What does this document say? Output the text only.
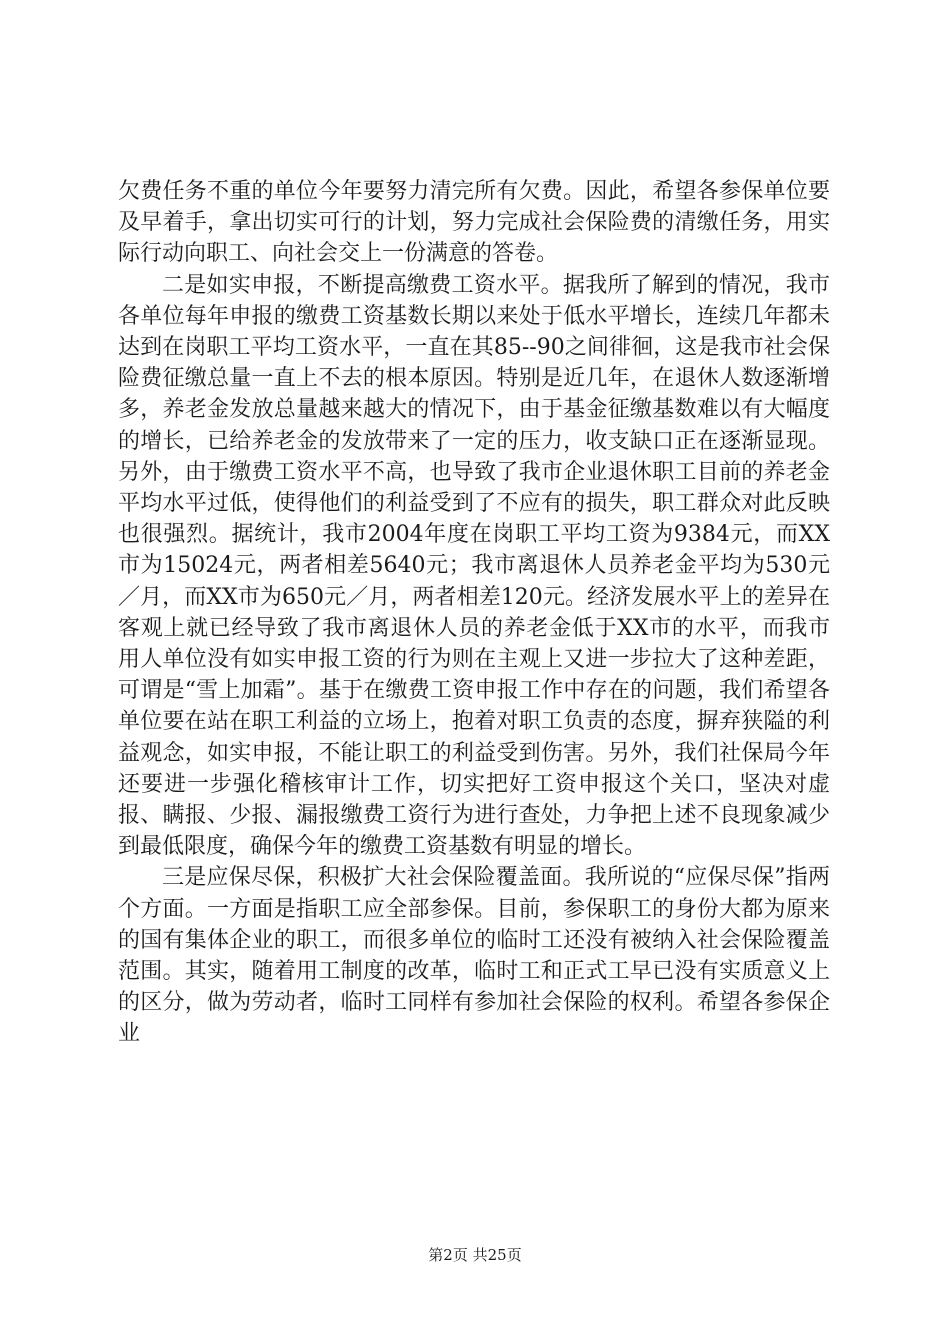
欠费任务不重的单位今年要努力清完所有欠费。因此，希望各参保单位要及早着手，拿出切实可行的计划，努力完成社会保险费的清缴任务，用实际行动向职工、向社会交上一份满意的答卷。

二是如实申报，不断提高缴费工资水平。据我所了解到的情况，我市各单位每年申报的缴费工资基数长期以来处于低水平增长，连续几年都未达到在岗职工平均工资水平，一直在其85--90之间徘徊，这是我市社会保险费征缴总量一直上不去的根本原因。特别是近几年，在退休人数逐渐增多，养老金发放总量越来越大的情况下，由于基金征缴基数难以有大幅度的增长，已给养老金的发放带来了一定的压力，收支缺口正在逐渐显现。另外，由于缴费工资水平不高，也导致了我市企业退休职工目前的养老金平均水平过低，使得他们的利益受到了不应有的损失，职工群众对此反映也很强烈。据统计，我市2004年度在岗职工平均工资为9384元，而XX市为15024元，两者相差5640元；我市离退休人员养老金平均为530元／月，而XX市为650元／月，两者相差120元。经济发展水平上的差异在客观上就已经导致了我市离退休人员的养老金低于XX市的水平，而我市用人单位没有如实申报工资的行为则在主观上又进一步拉大了这种差距，可谓是“雪上加霜”。基于在缴费工资申报工作中存在的问题，我们希望各单位要在站在职工利益的立场上，抱着对职工负责的态度，摒弃狭隘的利益观念，如实申报，不能让职工的利益受到伤害。另外，我们社保局今年还要进一步强化稽核审计工作，切实把好工资申报这个关口，坚决对虚报、瞒报、少报、漏报缴费工资行为进行查处，力争把上述不良现象减少到最低限度，确保今年的缴费工资基数有明显的增长。

三是应保尽保，积极扩大社会保险覆盖面。我所说的“应保尽保”指两个方面。一方面是指职工应全部参保。目前，参保职工的身份大都为原来的国有集体企业的职工，而很多单位的临时工还没有被纳入社会保险覆盖范围。其实，随着用工制度的改革，临时工和正式工早已没有实质意义上的区分，做为劳动者，临时工同样有参加社会保险的权利。希望各参保企业

第2页 共25页
